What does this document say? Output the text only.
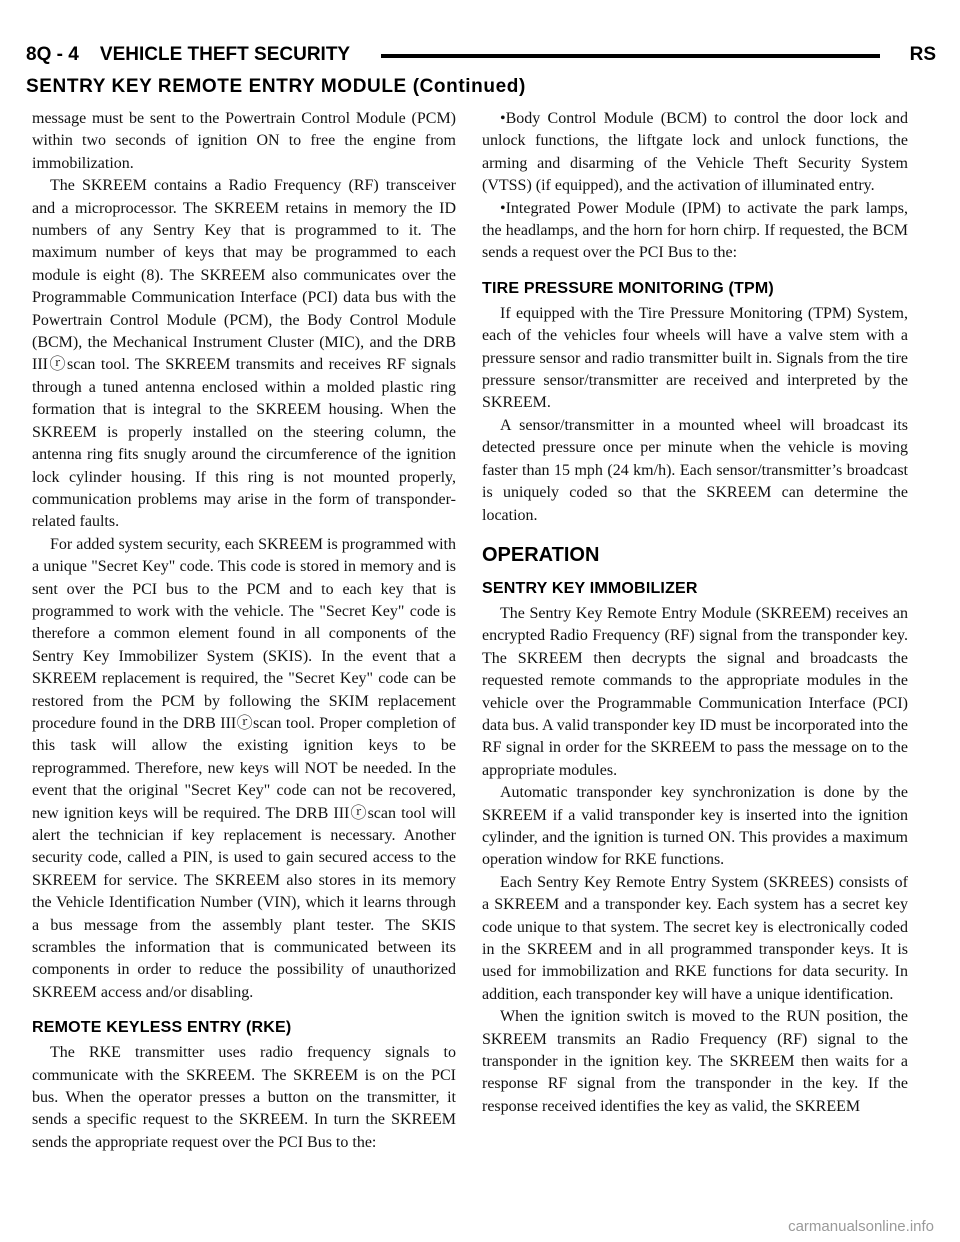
8Q - 4    VEHICLE THEFT SECURITY	RS
SENTRY KEY REMOTE ENTRY MODULE (Continued)

message must be sent to the Powertrain Control Module (PCM) within two seconds of ignition ON to free the engine from immobilization.

The SKREEM contains a Radio Frequency (RF) transceiver and a microprocessor. The SKREEM retains in memory the ID numbers of any Sentry Key that is programmed to it. The maximum number of keys that may be programmed to each module is eight (8). The SKREEM also communicates over the Programmable Communication Interface (PCI) data bus with the Powertrain Control Module (PCM), the Body Control Module (BCM), the Mechanical Instrument Cluster (MIC), and the DRB IIIⓡscan tool. The SKREEM transmits and receives RF signals through a tuned antenna enclosed within a molded plastic ring formation that is integral to the SKREEM housing. When the SKREEM is properly installed on the steering column, the antenna ring fits snugly around the circumference of the ignition lock cylinder housing. If this ring is not mounted properly, communication problems may arise in the form of transponder-related faults.

For added system security, each SKREEM is programmed with a unique "Secret Key" code. This code is stored in memory and is sent over the PCI bus to the PCM and to each key that is programmed to work with the vehicle. The "Secret Key" code is therefore a common element found in all components of the Sentry Key Immobilizer System (SKIS). In the event that a SKREEM replacement is required, the "Secret Key" code can be restored from the PCM by following the SKIM replacement procedure found in the DRB IIIⓡscan tool. Proper completion of this task will allow the existing ignition keys to be reprogrammed. Therefore, new keys will NOT be needed. In the event that the original "Secret Key" code can not be recovered, new ignition keys will be required. The DRB IIIⓡscan tool will alert the technician if key replacement is necessary. Another security code, called a PIN, is used to gain secured access to the SKREEM for service. The SKREEM also stores in its memory the Vehicle Identification Number (VIN), which it learns through a bus message from the assembly plant tester. The SKIS scrambles the information that is communicated between its components in order to reduce the possibility of unauthorized SKREEM access and/or disabling.

REMOTE KEYLESS ENTRY (RKE)

The RKE transmitter uses radio frequency signals to communicate with the SKREEM. The SKREEM is on the PCI bus. When the operator presses a button on the transmitter, it sends a specific request to the SKREEM. In turn the SKREEM sends the appropriate request over the PCI Bus to the:

•Body Control Module (BCM) to control the door lock and unlock functions, the liftgate lock and unlock functions, the arming and disarming of the Vehicle Theft Security System (VTSS) (if equipped), and the activation of illuminated entry.

•Integrated Power Module (IPM) to activate the park lamps, the headlamps, and the horn for horn chirp. If requested, the BCM sends a request over the PCI Bus to the:

TIRE PRESSURE MONITORING (TPM)

If equipped with the Tire Pressure Monitoring (TPM) System, each of the vehicles four wheels will have a valve stem with a pressure sensor and radio transmitter built in. Signals from the tire pressure sensor/transmitter are received and interpreted by the SKREEM.

A sensor/transmitter in a mounted wheel will broadcast its detected pressure once per minute when the vehicle is moving faster than 15 mph (24 km/h). Each sensor/transmitter’s broadcast is uniquely coded so that the SKREEM can determine the location.

OPERATION
SENTRY KEY IMMOBILIZER

The Sentry Key Remote Entry Module (SKREEM) receives an encrypted Radio Frequency (RF) signal from the transponder key. The SKREEM then decrypts the signal and broadcasts the requested remote commands to the appropriate modules in the vehicle over the Programmable Communication Interface (PCI) data bus. A valid transponder key ID must be incorporated into the RF signal in order for the SKREEM to pass the message on to the appropriate modules.

Automatic transponder key synchronization is done by the SKREEM if a valid transponder key is inserted into the ignition cylinder, and the ignition is turned ON. This provides a maximum operation window for RKE functions.

Each Sentry Key Remote Entry System (SKREES) consists of a SKREEM and a transponder key. Each system has a secret key code unique to that system. The secret key is electronically coded in the SKREEM and in all programmed transponder keys. It is used for immobilization and RKE functions for data security. In addition, each transponder key will have a unique identification.

When the ignition switch is moved to the RUN position, the SKREEM transmits an Radio Frequency (RF) signal to the transponder in the ignition key. The SKREEM then waits for a response RF signal from the transponder in the key. If the response received identifies the key as valid, the SKREEM

carmanualsonline.info
